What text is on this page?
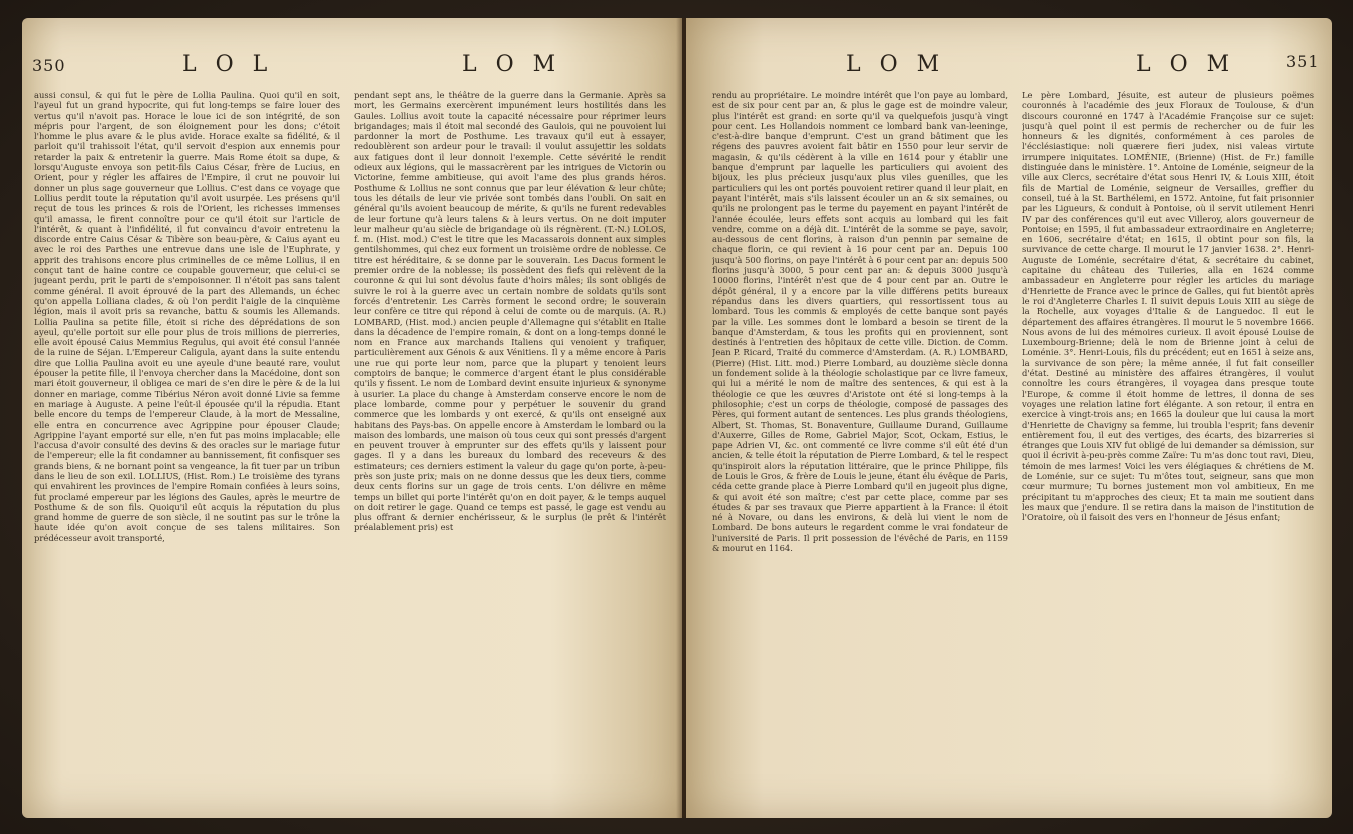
350	L O L	L O M
aussi consul, & qui fut le père de Lollia Paulina. Quoi qu'il en soit, l'ayeul fut un grand hypocrite, qui fut long-temps se faire louer des vertus qu'il n'avoit pas. Horace le loue ici de son intégrité, de son mépris pour l'argent, de son éloignement pour les dons; c'étoit l'homme le plus avare & le plus avide. Horace exalte sa fidélité, & il parloit qu'il trahissoit l'état, qu'il servoit d'espion aux ennemis pour retarder la paix & entretenir la guerre. Mais Rome étoit sa dupe, & lorsqu'Auguste envoya son petit-fils Caius César, frère de Lucius, en Orient, pour y régler les affaires de l'Empire, il crut ne pouvoir lui donner un plus sage gouverneur que Lollius. C'est dans ce voyage que Lollius perdit toute la réputation qu'il avoit usurpée. Les présens qu'il reçut de tous les princes & rois de l'Orient, les richesses immenses qu'il amassa, le firent connoître pour ce qu'il étoit sur l'article de l'intérêt, & quant à l'infidélité, il fut convaincu d'avoir entretenu la discorde entre Caius César & Tibère son beau-père, & Caius ayant eu avec le roi des Parthes une entrevue dans une isle de l'Euphrate, y apprit des trahisons encore plus criminelles de ce même Lollius, il en conçut tant de haine contre ce coupable gouverneur, que celui-ci se jugeant perdu, prit le parti de s'empoisonner. Il n'étoit pas sans talent comme général. Il avoit éprouvé de la part des Allemands, un échec qu'on appella Lolliana clades, & où l'on perdit l'aigle de la cinquième légion, mais il avoit pris sa revanche, battu & soumis les Allemands. Lollia Paulina sa petite fille, étoit si riche des déprédations de son ayeul, qu'elle portoit sur elle pour plus de trois millions de pierreries, elle avoit épousé Caius Memmius Regulus, qui avoit été consul l'année de la ruine de Séjan. L'Empereur Caligula, ayant dans la suite entendu dire que Lollia Paulina avoit eu une ayeule d'une beauté rare, voulut épouser la petite fille, il l'envoya chercher dans la Macédoine, dont son mari étoit gouverneur, il obligea ce mari de s'en dire le père & de la lui donner en mariage, comme Tibérius Néron avoit donné Livie sa femme en mariage à Auguste. A peine l'eût-il épousée qu'il la répudia. Etant belle encore du temps de l'empereur Claude, à la mort de Messaline, elle entra en concurrence avec Agrippine pour épouser Claude; Agrippine l'ayant emporté sur elle, n'en fut pas moins implacable; elle l'accusa d'avoir consulté des devins & des oracles sur le mariage futur de l'empereur; elle la fit condamner au bannissement, fit confisquer ses grands biens, & ne bornant point sa vengeance, la fit tuer par un tribun dans le lieu de son exil. LOLLIUS, (Hist. Rom.) Le troisième des tyrans qui envahirent les provinces de l'empire Romain confiées à leurs soins, fut proclamé empereur par les légions des Gaules, après le meurtre de Posthume & de son fils. Quoiqu'il eût acquis la réputation du plus grand homme de guerre de son siècle, il ne soutint pas sur le trône la haute idée qu'on avoit conçue de ses talens militaires. Son prédécesseur avoit transporté,
pendant sept ans, le théâtre de la guerre dans la Germanie. Après sa mort, les Germains exercèrent impunément leurs hostilités dans les Gaules. Lollius avoit toute la capacité nécessaire pour réprimer leurs brigandages; mais il étoit mal secondé des Gaulois, qui ne pouvoient lui pardonner la mort de Posthume. Les travaux qu'il eut à essayer, redoublèrent son ardeur pour le travail: il voulut assujettir les soldats aux fatigues dont il leur donnoit l'exemple. Cette sévérité le rendit odieux aux légions, qui le massacrèrent par les intrigues de Victorin ou Victorine, femme ambitieuse, qui avoit l'ame des plus grands héros. Posthume & Lollius ne sont connus que par leur élévation & leur chûte; tous les détails de leur vie privée sont tombés dans l'oubli. On sait en général qu'ils avoient beaucoup de mérite, & qu'ils ne furent redevables de leur fortune qu'à leurs talens & à leurs vertus. On ne doit imputer leur malheur qu'au siècle de brigandage où ils régnèrent. (T.-N.) LOLOS, f. m. (Hist. mod.) C'est le titre que les Macassarois donnent aux simples gentilshommes, qui chez eux forment un troisième ordre de noblesse. Ce titre est héréditaire, & se donne par le souverain. Les Dacus forment le premier ordre de la noblesse; ils possèdent des fiefs qui relèvent de la couronne & qui lui sont dévolus faute d'hoirs mâles; ils sont obligés de suivre le roi à la guerre avec un certain nombre de soldats qu'ils sont forcés d'entretenir. Les Carrès forment le second ordre; le souverain leur confère ce titre qui répond à celui de comte ou de marquis. (A. R.) LOMBARD, (Hist. mod.) ancien peuple d'Allemagne qui s'établit en Italie dans la décadence de l'empire romain, & dont on a long-temps donné le nom en France aux marchands Italiens qui venoient y trafiquer, particulièrement aux Génois & aux Vénitiens. Il y a même encore à Paris une rue qui porte leur nom, parce que la plupart y tenoient leurs comptoirs de banque; le commerce d'argent étant le plus considérable qu'ils y fissent. Le nom de Lombard devint ensuite injurieux & synonyme à usurier. La place du change à Amsterdam conserve encore le nom de place lombarde, comme pour y perpétuer le souvenir du grand commerce que les lombards y ont exercé, & qu'ils ont enseigné aux habitans des Pays-bas. On appelle encore à Amsterdam le lombard ou la maison des lombards, une maison où tous ceux qui sont pressés d'argent en peuvent trouver à emprunter sur des effets qu'ils y laissent pour gages. Il y a dans les bureaux du lombard des receveurs & des estimateurs; ces derniers estiment la valeur du gage qu'on porte, à-peu-près son juste prix; mais on ne donne dessus que les deux tiers, comme deux cents florins sur un gage de trois cents. L'on délivre en même temps un billet qui porte l'intérêt qu'on en doit payer, & le temps auquel on doit retirer le gage. Quand ce temps est passé, le gage est vendu au plus offrant & dernier enchérisseur, & le surplus (le prêt & l'intérêt préalablement pris) est
L O M	L O M	351
rendu au propriétaire. Le moindre intérêt que l'on paye au lombard, est de six pour cent par an, & plus le gage est de moindre valeur, plus l'intérêt est grand: en sorte qu'il va quelquefois jusqu'à vingt pour cent. Les Hollandois nomment ce lombard bank van-leeninge, c'est-à-dire banque d'emprunt. C'est un grand bâtiment que les régens des pauvres avoient fait bâtir en 1550 pour leur servir de magasin, & qu'ils cédèrent à la ville en 1614 pour y établir une banque d'emprunt par laquelle les particuliers qui avoient des bijoux, les plus précieux jusqu'aux plus viles guenilles, que les particuliers qui les ont portés pouvoient retirer quand il leur plait, en payant l'intérêt, mais s'ils laissent écouler un an & six semaines, ou qu'ils ne prolongent pas le terme du payement en payant l'intérêt de l'année écoulée, leurs effets sont acquis au lombard qui les fait vendre, comme on a déjà dit. L'intérêt de la somme se paye, savoir, au-dessous de cent florins, à raison d'un pennin par semaine de chaque florin, ce qui revient à 16 pour cent par an. Depuis 100 jusqu'à 500 florins, on paye l'intérêt à 6 pour cent par an: depuis 500 florins jusqu'à 3000, 5 pour cent par an: & depuis 3000 jusqu'à 10000 florins, l'intérêt n'est que de 4 pour cent par an. Outre le dépôt général, il y a encore par la ville différens petits bureaux répandus dans les divers quartiers, qui ressortissent tous au lombard. Tous les commis & employés de cette banque sont payés par la ville. Les sommes dont le lombard a besoin se tirent de la banque d'Amsterdam, & tous les profits qui en proviennent, sont destinés à l'entretien des hôpitaux de cette ville. Diction. de Comm. Jean P. Ricard, Traité du commerce d'Amsterdam. (A. R.) LOMBARD, (Pierre) (Hist. Litt. mod.) Pierre Lombard, au douzième siècle donna un fondement solide à la théologie scholastique par ce livre fameux, qui lui a mérité le nom de maître des sentences, & qui est à la théologie ce que les œuvres d'Aristote ont été si long-temps à la philosophie; c'est un corps de théologie, composé de passages des Pères, qui forment autant de sentences. Les plus grands théologiens, Albert, St. Thomas, St. Bonaventure, Guillaume Durand, Guillaume d'Auxerre, Gilles de Rome, Gabriel Major, Scot, Ockam, Estius, le pape Adrien VI, &c. ont commenté ce livre comme s'il eût été d'un ancien, & telle étoit la réputation de Pierre Lombard, & tel le respect qu'inspiroit alors la réputation littéraire, que le prince Philippe, fils de Louis le Gros, & frère de Louis le jeune, étant élu évêque de Paris, céda cette grande place à Pierre Lombard qu'il en jugeoit plus digne, & qui avoit été son maître; c'est par cette place, comme par ses études & par ses travaux que Pierre appartient à la France: il étoit né à Novare, ou dans les environs, & delà lui vient le nom de Lombard. De bons auteurs le regardent comme le vrai fondateur de l'université de Paris. Il prit possession de l'évêché de Paris, en 1159 & mourut en 1164.
Le père Lombard, Jésuite, est auteur de plusieurs poëmes couronnés à l'académie des jeux Floraux de Toulouse, & d'un discours couronné en 1747 à l'Académie Françoise sur ce sujet: jusqu'à quel point il est permis de rechercher ou de fuir les honneurs & les dignités, conformément à ces paroles de l'écclésiastique: noli quærere fieri judex, nisi valeas virtute irrumpere iniquitates. LOMÉNIE, (Brienne) (Hist. de Fr.) famille distinguée dans le ministère. 1°. Antoine de Loménie, seigneur de la ville aux Clercs, secrétaire d'état sous Henri IV, & Louis XIII, étoit fils de Martial de Loménie, seigneur de Versailles, greffier du conseil, tué à la St. Barthélemi, en 1572. Antoine, fut fait prisonnier par les Ligueurs, & conduit à Pontoise, où il servit utilement Henri IV par des conférences qu'il eut avec Villeroy, alors gouverneur de Pontoise; en 1595, il fut ambassadeur extraordinaire en Angleterre; en 1606, secrétaire d'état; en 1615, il obtint pour son fils, la survivance de cette charge. Il mourut le 17 janvier 1638. 2°. Henri-Auguste de Loménie, secrétaire d'état, & secrétaire du cabinet, capitaine du château des Tuileries, alla en 1624 comme ambassadeur en Angleterre pour régler les articles du mariage d'Henriette de France avec le prince de Galles, qui fut bientôt après le roi d'Angleterre Charles I. Il suivit depuis Louis XIII au siège de la Rochelle, aux voyages d'Italie & de Languedoc. Il eut le département des affaires étrangères. Il mourut le 5 novembre 1666. Nous avons de lui des mémoires curieux. Il avoit épousé Louise de Luxembourg-Brienne; delà le nom de Brienne joint à celui de Loménie. 3°. Henri-Louis, fils du précédent; eut en 1651 à seize ans, la survivance de son père; la même année, il fut fait conseiller d'état. Destiné au ministère des affaires étrangères, il voulut connoître les cours étrangères, il voyagea dans presque toute l'Europe, & comme il étoit homme de lettres, il donna de ses voyages une relation latine fort élégante. A son retour, il entra en exercice à vingt-trois ans; en 1665 la douleur que lui causa la mort d'Henriette de Chavigny sa femme, lui troubla l'esprit; fans devenir entièrement fou, il eut des vertiges, des écarts, des bizarreries si étranges que Louis XIV fut obligé de lui demander sa démission, sur quoi il écrivit à-peu-près comme Zaïre: Tu m'as donc tout ravi, Dieu, témoin de mes larmes! Voici les vers élégiaques & chrétiens de M. de Loménie, sur ce sujet: Tu m'ôtes tout, seigneur, sans que mon cœur murmure; Tu bornes justement mon vol ambitieux, En me précipitant tu m'approches des cieux; Et ta main me soutient dans les maux que j'endure. Il se retira dans la maison de l'institution de l'Oratoire, où il faisoit des vers en l'honneur de Jésus enfant;
